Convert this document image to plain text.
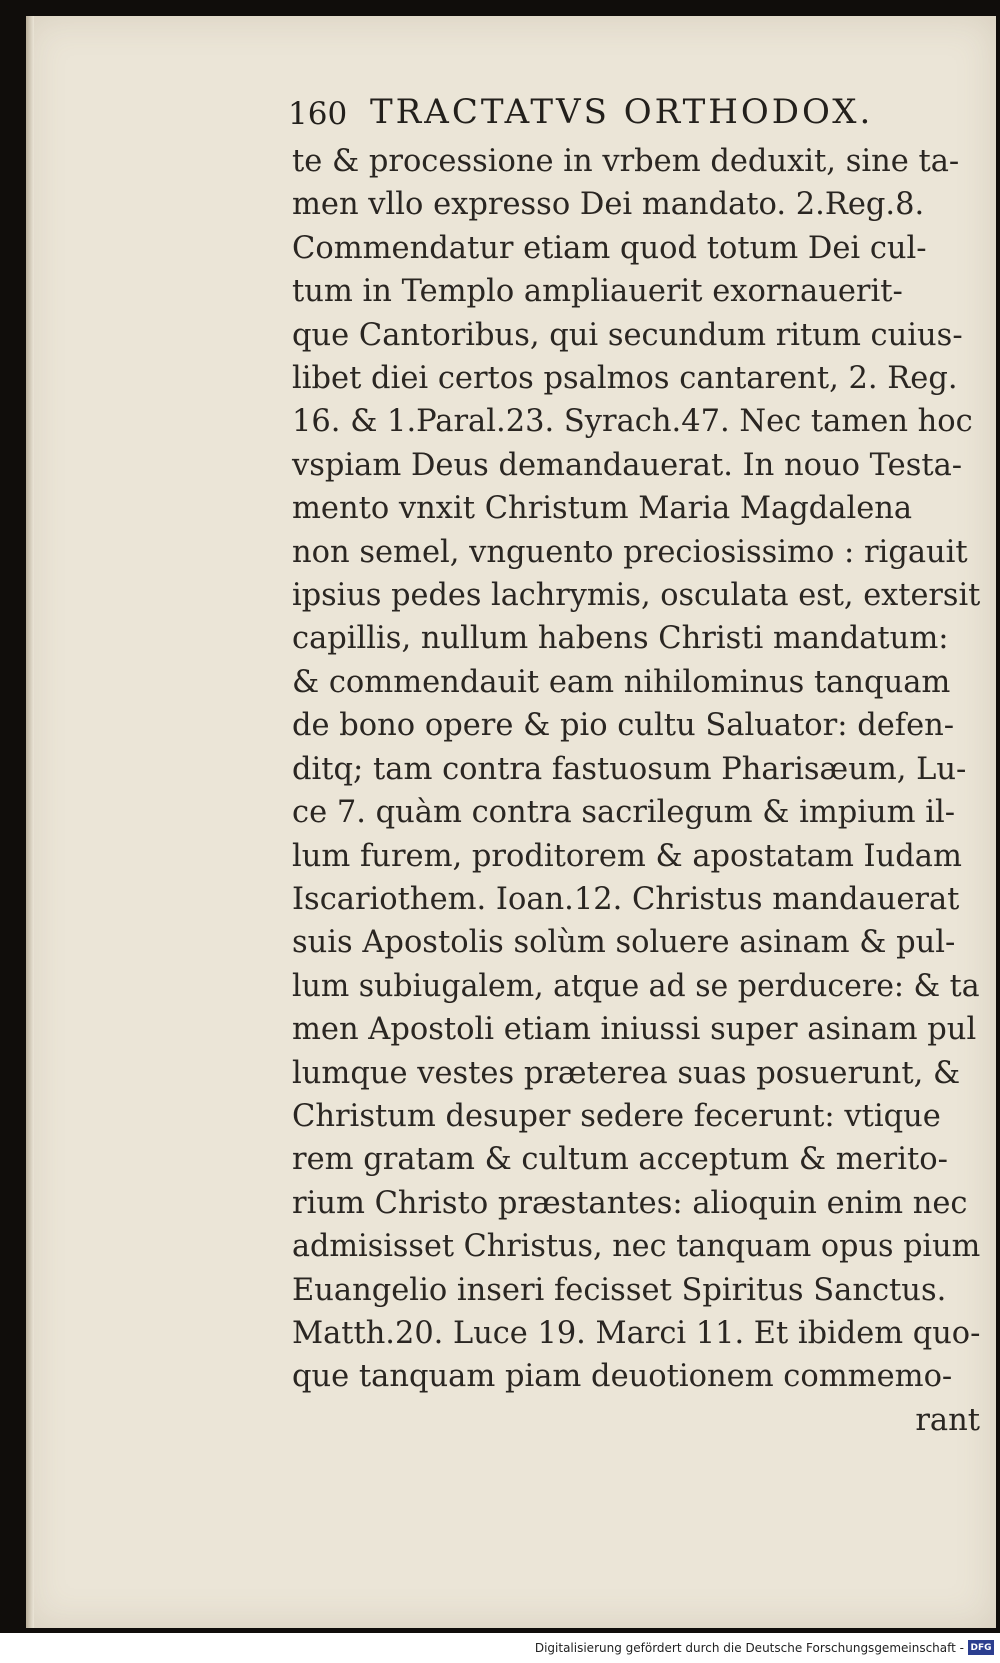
160 TRACTATVS ORTHODOX.
te & processione in vrbem deduxit, sine ta-
men vllo expresso Dei mandato. 2.Reg.8.
Commendatur etiam quod totum Dei cul-
tum in Templo ampliauerit exornauerit-
que Cantoribus, qui secundum ritum cuius-
libet diei certos psalmos cantarent, 2. Reg.
16. & 1.Paral.23. Syrach.47. Nec tamen hoc
vspiam Deus demandauerat. In nouo Testa-
mento vnxit Christum Maria Magdalena
non semel, vnguento preciosissimo : rigauit
ipsius pedes lachrymis, osculata est, extersit
capillis, nullum habens Christi mandatum:
& commendauit eam nihilominus tanquam
de bono opere & pio cultu Saluator: defen-
ditq; tam contra fastuosum Pharisæum, Lu-
ce 7. quàm contra sacrilegum & impium il-
lum furem, proditorem & apostatam Iudam
Iscariothem. Ioan.12. Christus mandauerat
suis Apostolis solùm soluere asinam & pul-
lum subiugalem, atque ad se perducere: & ta
men Apostoli etiam iniussi super asinam pul
lumque vestes præterea suas posuerunt, &
Christum desuper sedere fecerunt: vtique
rem gratam & cultum acceptum & merito-
rium Christo præstantes: alioquin enim nec
admisisset Christus, nec tanquam opus pium
Euangelio inseri fecisset Spiritus Sanctus.
Matth.20. Luce 19. Marci 11. Et ibidem quo-
que tanquam piam deuotionem commemo-
rant
Digitalisierung gefördert durch die Deutsche Forschungsgemeinschaft - DFG
